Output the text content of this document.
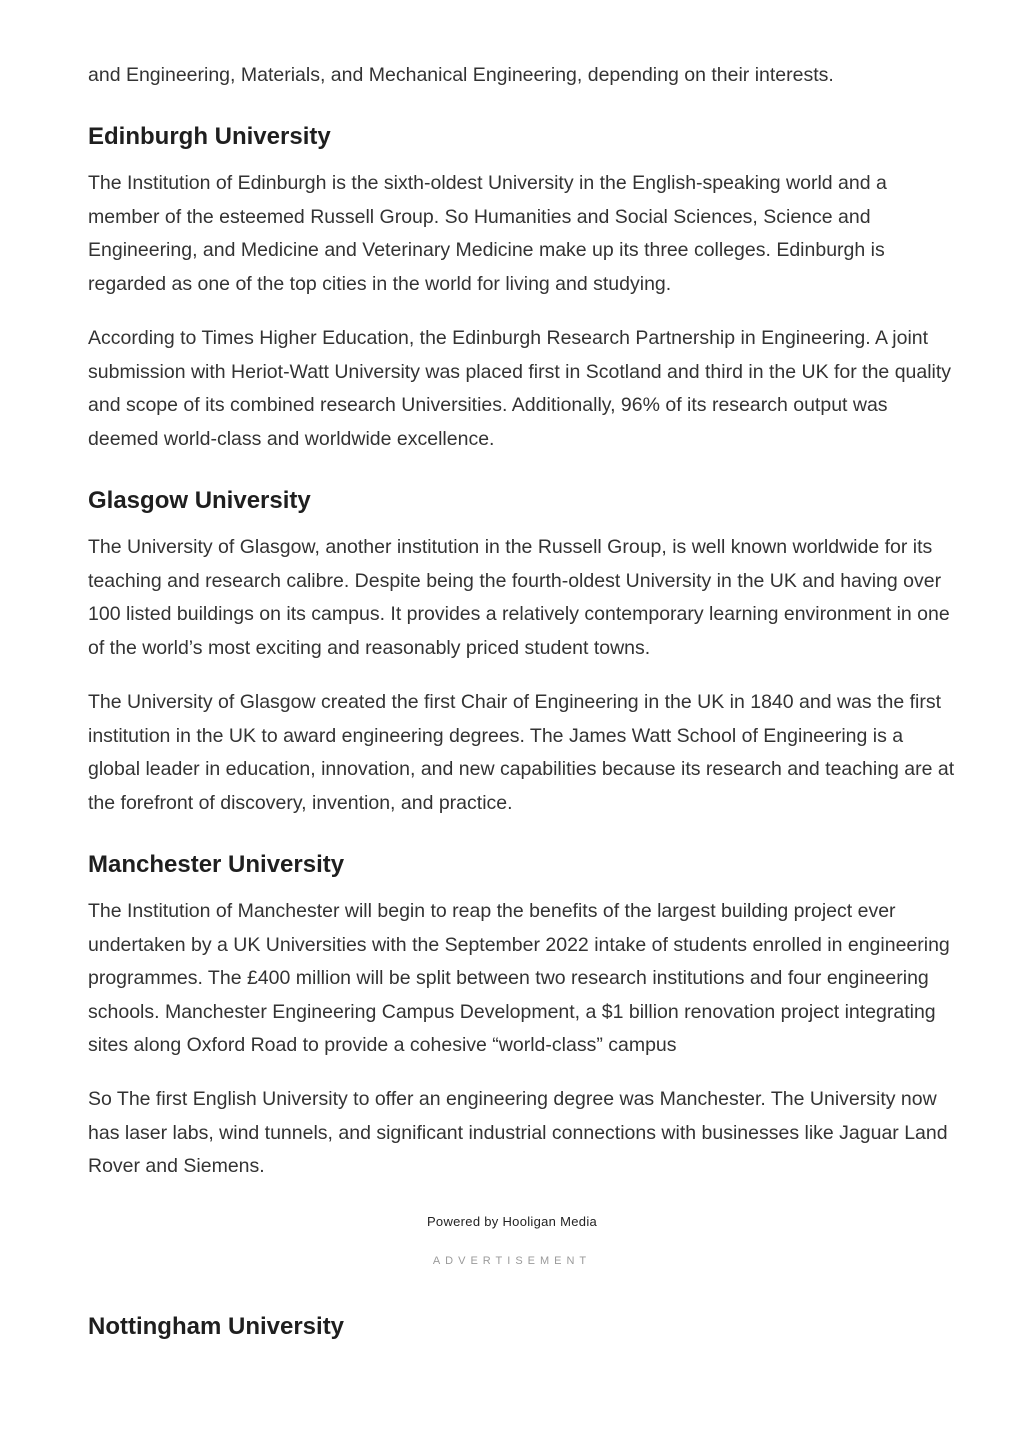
and Engineering, Materials, and Mechanical Engineering, depending on their interests.

Edinburgh University

The Institution of Edinburgh is the sixth-oldest University in the English-speaking world and a member of the esteemed Russell Group. So Humanities and Social Sciences, Science and Engineering, and Medicine and Veterinary Medicine make up its three colleges. Edinburgh is regarded as one of the top cities in the world for living and studying.

According to Times Higher Education, the Edinburgh Research Partnership in Engineering. A joint submission with Heriot-Watt University was placed first in Scotland and third in the UK for the quality and scope of its combined research Universities. Additionally, 96% of its research output was deemed world-class and worldwide excellence.

Glasgow University

The University of Glasgow, another institution in the Russell Group, is well known worldwide for its teaching and research calibre. Despite being the fourth-oldest University in the UK and having over 100 listed buildings on its campus. It provides a relatively contemporary learning environment in one of the world’s most exciting and reasonably priced student towns.

The University of Glasgow created the first Chair of Engineering in the UK in 1840 and was the first institution in the UK to award engineering degrees. The James Watt School of Engineering is a global leader in education, innovation, and new capabilities because its research and teaching are at the forefront of discovery, invention, and practice.

Manchester University

The Institution of Manchester will begin to reap the benefits of the largest building project ever undertaken by a UK Universities with the September 2022 intake of students enrolled in engineering programmes. The £400 million will be split between two research institutions and four engineering schools. Manchester Engineering Campus Development, a $1 billion renovation project integrating sites along Oxford Road to provide a cohesive “world-class” campus

So The first English University to offer an engineering degree was Manchester. The University now has laser labs, wind tunnels, and significant industrial connections with businesses like Jaguar Land Rover and Siemens.

Nottingham University
Powered by Hooligan Media
ADVERTISEMENT
